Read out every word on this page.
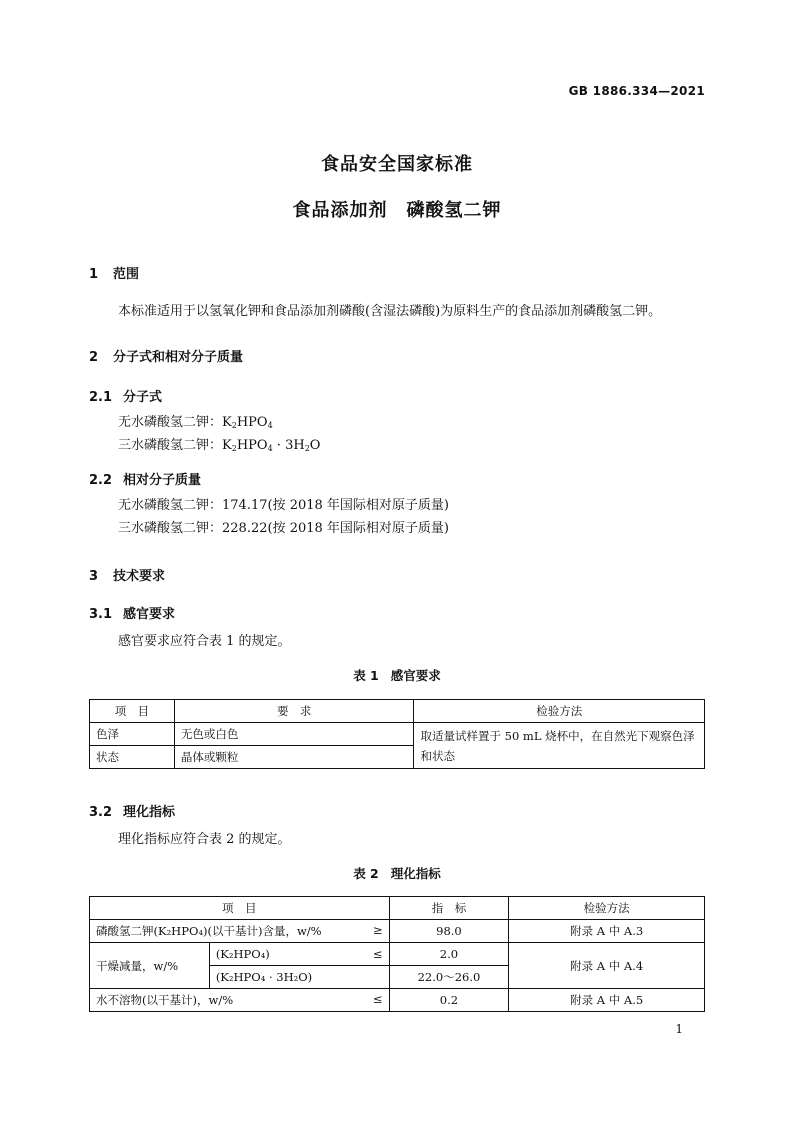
GB 1886.334—2021
食品安全国家标准
食品添加剂　磷酸氢二钾
1 范围
本标准适用于以氢氧化钾和食品添加剂磷酸(含湿法磷酸)为原料生产的食品添加剂磷酸氢二钾。
2 分子式和相对分子质量
2.1 分子式
无水磷酸氢二钾：$K_2HPO_4$
三水磷酸氢二钾：$K_2HPO_4 \cdot 3H_2O$
2.2 相对分子质量
无水磷酸氢二钾：174.17(按 2018 年国际相对原子质量)
三水磷酸氢二钾：228.22(按 2018 年国际相对原子质量)
3 技术要求
3.1 感官要求
感官要求应符合表 1 的规定。
表 1 感官要求
项　目	要　求	检验方法
色泽	无色或白色	取适量试样置于 50 mL 烧杯中，在自然光下观察色泽和状态
状态	晶体或颗粒	
3.2 理化指标
理化指标应符合表 2 的规定。
表 2 理化指标
项　目		指　标	检验方法
磷酸氢二钾(K₂HPO₄)(以干基计)含量，w/% ≥		98.0	附录 A 中 A.3
干燥减量，w/%	(K₂HPO₄) ≤	2.0	附录 A 中 A.4
	(K₂HPO₄ · 3H₂O)	22.0～26.0	
水不溶物(以干基计)，w/% ≤		0.2	附录 A 中 A.5
1
